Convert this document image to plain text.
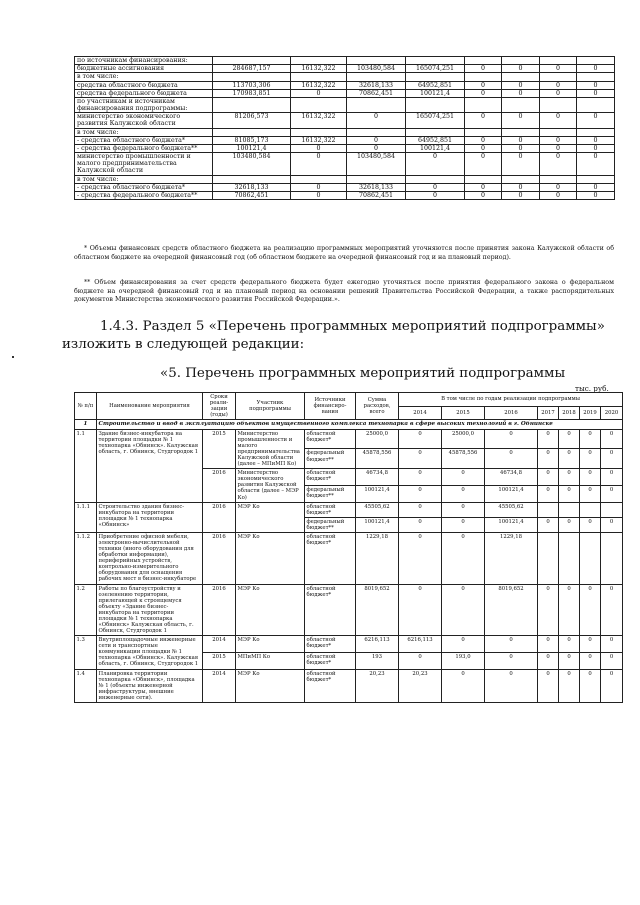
по источникам финансирования:								
бюджетные ассигнования	284687,157	16132,322	103480,584	165074,251	0	0	0	0
в том числе:								
средства областного бюджета	113703,306	16132,322	32618,133	64952,851	0	0	0	0
средства федерального бюджета	170983,851	0	70862,451	100121,4	0	0	0	0
по участникам и источникам финансирования подпрограммы:								
министерство экономического развития Калужской области	81206,573	16132,322	0	165074,251	0	0	0	0
в том числе:								
- средства областного бюджета*	81085,173	16132,322	0	64952,851	0	0	0	0
- средства федерального бюджета**	100121,4	0	0	100121,4	0	0	0	0
министерство промышленности и малого предпринимательства Калужской области	103480,584	0	103480,584	0	0	0	0	0
в том числе:								
- средства областного бюджета*	32618,133	0	32618,133	0	0	0	0	0
- средства федерального бюджета**	70862,451	0	70862,451	0	0	0	0	0

* Объемы финансовых средств областного бюджета на реализацию программных мероприятий уточняются после принятия закона Калужской области об областном бюджете на очередной финансовый год (об областном бюджете на очередной финансовый год и на плановый период).

** Объем финансирования за счет средств федерального бюджета будет ежегодно уточняться после принятия федерального закона о федеральном бюджете на очередной финансовый год и на плановый период на основании решений Правительства Российской Федерации, а также распорядительных документов Министерства экономического развития Российской Федерации.».

1.4.3. Раздел 5 «Перечень программных мероприятий подпрограммы» изложить в следующей редакции:

«5. Перечень программных мероприятий подпрограммы

тыс. руб.

№ п/п	Наименование мероприятия	Сроки реали- зации (годы)	Участник подпрограммы	Источники финансиро- вания	Сумма расходов, всего	В том числе по годам реализации подпрограммы						
						2014	2015	2016	2017	2018	2019	2020
1	Строительство и ввод в эксплуатацию объектов имущественного комплекса технопарка в сфере высоких технологий в г. Обнинске											
1.1	Здание бизнес-инкубатора на территории площадки № 1 технопарка «Обнинск». Калужская область, г. Обнинск, Студгородок 1	2015	Министерство промышленности и малого предпринимательства Калужской области (далее – МПиМП Ко)	областной бюджет*	25000,0	0	25000,0	0	0	0	0	0
				федеральный бюджет**	45878,556	0	45878,556	0	0	0	0	0
		2016	Министерство экономического развития Калужской области (далее – МЭР Ко)	областной бюджет*	46734,8	0	0	46734,8	0	0	0	0
				федеральный бюджет**	100121,4	0	0	100121,4	0	0	0	0
1.1.1	Строительство здания бизнес-инкубатора на территории площадки № 1 технопарка «Обнинск»	2016	МЭР Ко	областной бюджет*	45505,62	0	0	45505,62				
				федеральный бюджет**	100121,4	0	0	100121,4	0	0	0	0
1.1.2	Приобретение офисной мебели, электронно-вычислительной техники (иного оборудования для обработки информации), периферийных устройств, контрольно-измерительного оборудования для оснащения рабочих мест в бизнес-инкубаторе	2016	МЭР Ко	областной бюджет*	1229,18	0	0	1229,18				
1.2	Работы по благоустройству и озеленению территории, прилегающей к строящемуся объекту «Здание бизнес-инкубатора на территории площадки № 1 технопарка «Обнинск» Калужская область, г. Обнинск, Студгородок 1	2016	МЭР Ко	областной бюджет*	8019,652	0	0	8019,652	0	0	0	0
1.3	Внутриплощадочные инженерные сети и транспортные коммуникации площадки № 1 технопарка «Обнинск». Калужская область, г. Обнинск, Студгородок 1	2014	МЭР Ко	областной бюджет*	6216,113	6216,113	0	0	0	0	0	0
		2015	МПиМП Ко	областной бюджет*	193	0	193,0	0	0	0	0	0
1.4	Планировка территории технопарка «Обнинск», площадка № 1 (объекты инженерной инфраструктуры, внешние инженерные сети).	2014	МЭР Ко	областной бюджет*	20,23	20,23	0	0	0	0	0	0
